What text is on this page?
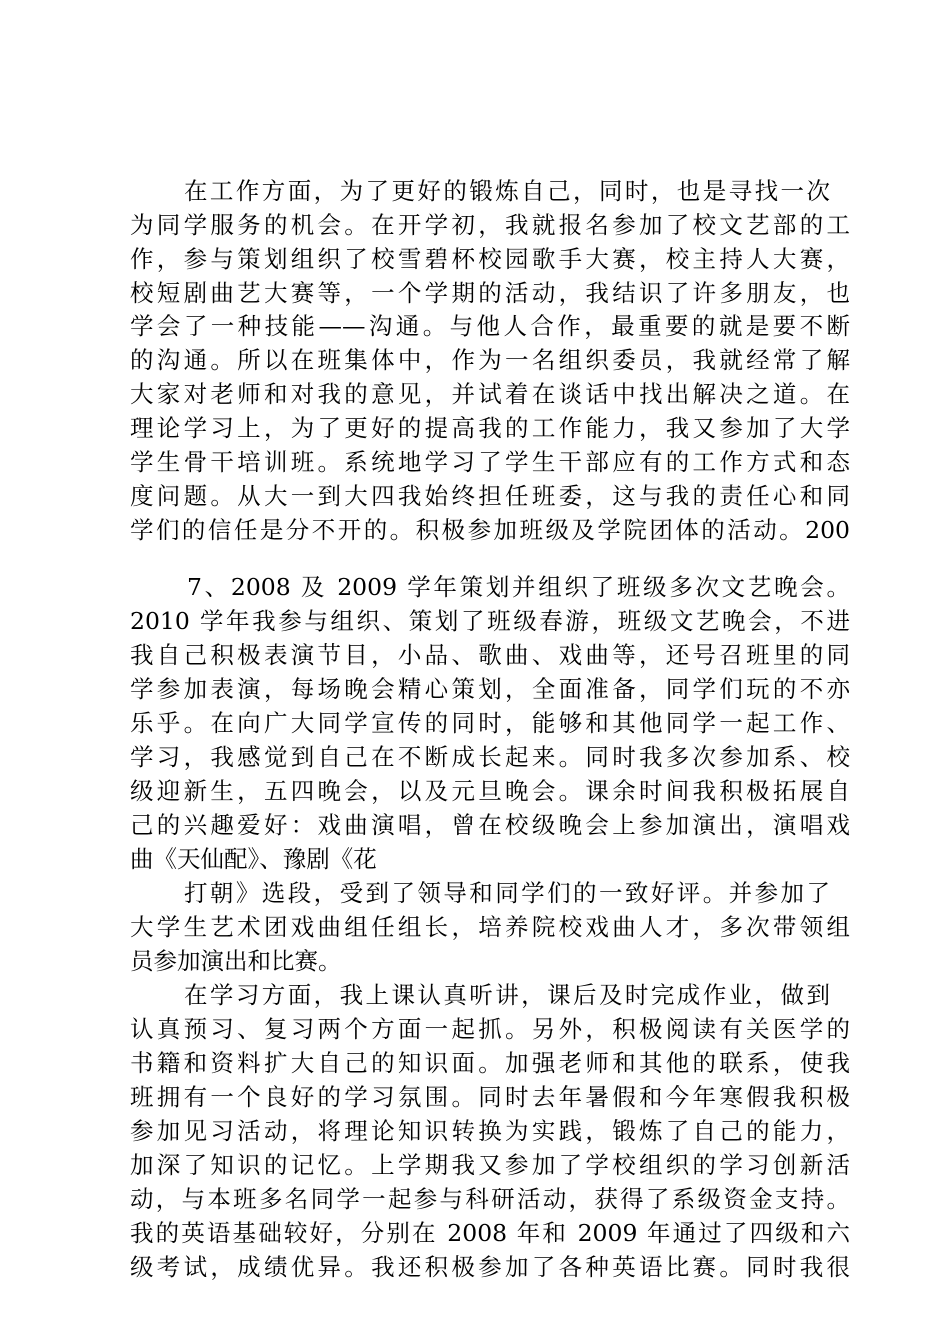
在工作方面，为了更好的锻炼自己，同时，也是寻找一次
为同学服务的机会。在开学初，我就报名参加了校文艺部的工
作，参与策划组织了校雪碧杯校园歌手大赛，校主持人大赛，
校短剧曲艺大赛等，一个学期的活动，我结识了许多朋友，也
学会了一种技能——沟通。与他人合作，最重要的就是要不断
的沟通。所以在班集体中，作为一名组织委员，我就经常了解
大家对老师和对我的意见，并试着在谈话中找出解决之道。在
理论学习上，为了更好的提高我的工作能力，我又参加了大学
学生骨干培训班。系统地学习了学生干部应有的工作方式和态
度问题。从大一到大四我始终担任班委，这与我的责任心和同
学们的信任是分不开的。积极参加班级及学院团体的活动。200
7、2008 及 2009 学年策划并组织了班级多次文艺晚会。
2010 学年我参与组织、策划了班级春游，班级文艺晚会，不进
我自己积极表演节目，小品、歌曲、戏曲等，还号召班里的同
学参加表演，每场晚会精心策划，全面准备，同学们玩的不亦
乐乎。在向广大同学宣传的同时，能够和其他同学一起工作、
学习，我感觉到自己在不断成长起来。同时我多次参加系、校
级迎新生，五四晚会，以及元旦晚会。课余时间我积极拓展自
己的兴趣爱好：戏曲演唱，曾在校级晚会上参加演出，演唱戏
曲《天仙配》、豫剧《花
打朝》选段，受到了领导和同学们的一致好评。并参加了
大学生艺术团戏曲组任组长，培养院校戏曲人才，多次带领组
员参加演出和比赛。
在学习方面，我上课认真听讲，课后及时完成作业，做到
认真预习、复习两个方面一起抓。另外，积极阅读有关医学的
书籍和资料扩大自己的知识面。加强老师和其他的联系，使我
班拥有一个良好的学习氛围。同时去年暑假和今年寒假我积极
参加见习活动，将理论知识转换为实践，锻炼了自己的能力，
加深了知识的记忆。上学期我又参加了学校组织的学习创新活
动，与本班多名同学一起参与科研活动，获得了系级资金支持。
我的英语基础较好，分别在 2008 年和 2009 年通过了四级和六
级考试，成绩优异。我还积极参加了各种英语比赛。同时我很
